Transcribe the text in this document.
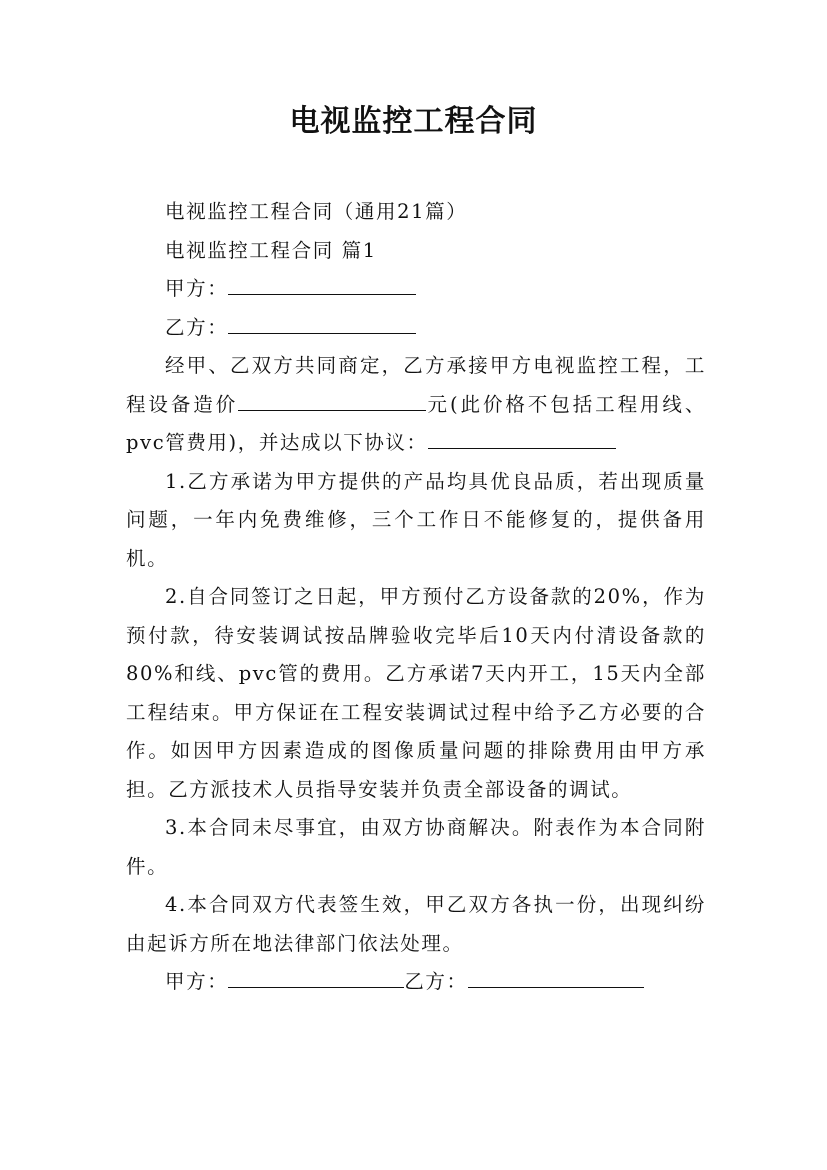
电视监控工程合同

电视监控工程合同（通用21篇）

电视监控工程合同 篇1

甲方：

乙方：

经甲、乙双方共同商定，乙方承接甲方电视监控工程，工程设备造价	元(此价格不包括工程用线、pvc管费用)，并达成以下协议：

1.乙方承诺为甲方提供的产品均具优良品质，若出现质量问题，一年内免费维修，三个工作日不能修复的，提供备用机。

2.自合同签订之日起，甲方预付乙方设备款的20%，作为预付款，待安装调试按品牌验收完毕后10天内付清设备款的80%和线、pvc管的费用。乙方承诺7天内开工，15天内全部工程结束。甲方保证在工程安装调试过程中给予乙方必要的合作。如因甲方因素造成的图像质量问题的排除费用由甲方承担。乙方派技术人员指导安装并负责全部设备的调试。

3.本合同未尽事宜，由双方协商解决。附表作为本合同附件。

4.本合同双方代表签生效，甲乙双方各执一份，出现纠纷由起诉方所在地法律部门依法处理。

甲方：	乙方：
